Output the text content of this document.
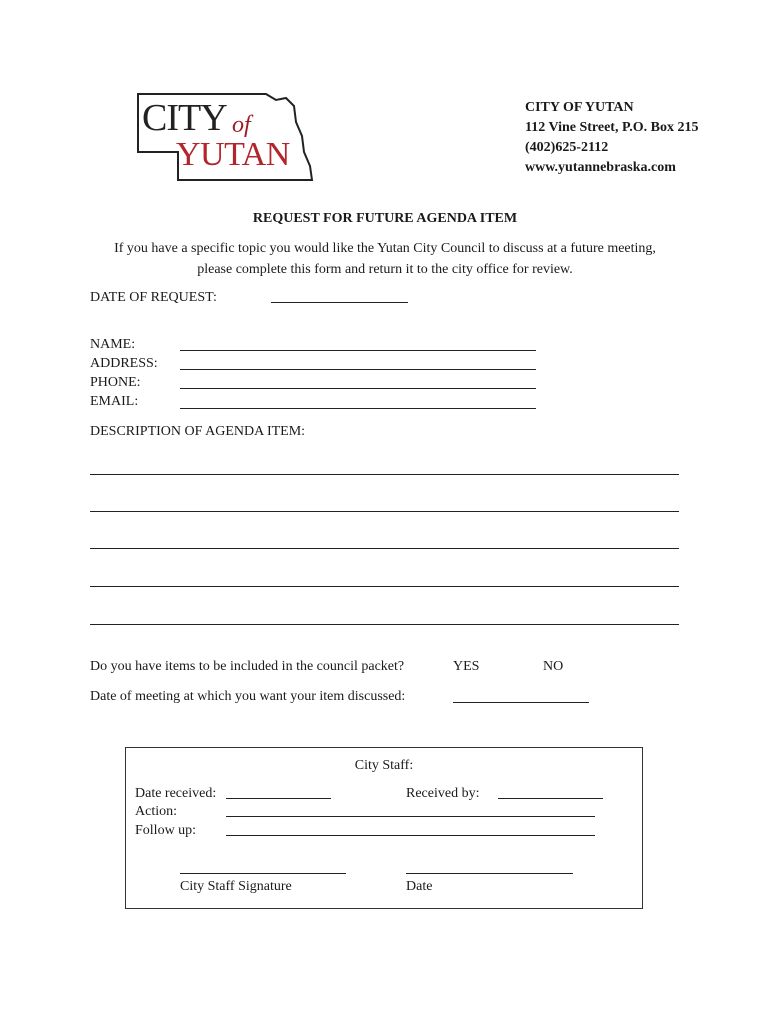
CITY of
YUTAN
CITY OF YUTAN
112 Vine Street, P.O. Box 215
(402)625-2112
www.yutannebraska.com
REQUEST FOR FUTURE AGENDA ITEM
If you have a specific topic you would like the Yutan City Council to discuss at a future meeting,
please complete this form and return it to the city office for review.
DATE OF REQUEST:
NAME:
ADDRESS:
PHONE:
EMAIL:
DESCRIPTION OF AGENDA ITEM:
Do you have items to be included in the council packet?	YES	NO
Date of meeting at which you want your item discussed:
City Staff:
Date received:	Received by:
Action:
Follow up:
City Staff Signature	Date
